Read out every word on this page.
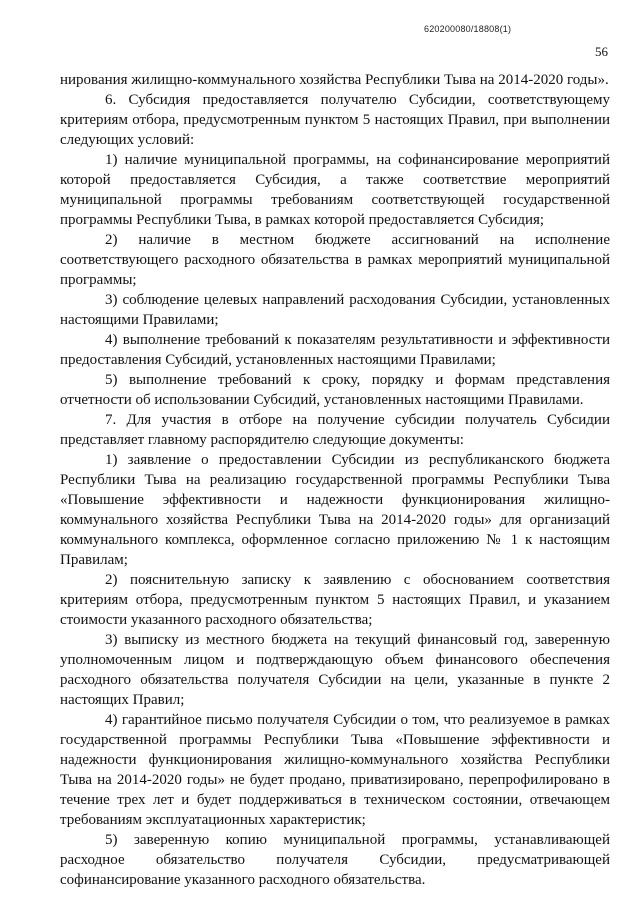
620200080/18808(1)
56

нирования жилищно-коммунального хозяйства Республики Тыва на 2014-2020 годы».

6. Субсидия предоставляется получателю Субсидии, соответствующему критериям отбора, предусмотренным пунктом 5 настоящих Правил, при выполнении следующих условий:

1) наличие муниципальной программы, на софинансирование мероприятий которой предоставляется Субсидия, а также соответствие мероприятий муниципальной программы требованиям соответствующей государственной программы Республики Тыва, в рамках которой предоставляется Субсидия;

2) наличие в местном бюджете ассигнований на исполнение соответствующего расходного обязательства в рамках мероприятий муниципальной программы;

3) соблюдение целевых направлений расходования Субсидии, установленных настоящими Правилами;

4) выполнение требований к показателям результативности и эффективности предоставления Субсидий, установленных настоящими Правилами;

5) выполнение требований к сроку, порядку и формам представления отчетности об использовании Субсидий, установленных настоящими Правилами.

7. Для участия в отборе на получение субсидии получатель Субсидии представляет главному распорядителю следующие документы:

1) заявление о предоставлении Субсидии из республиканского бюджета Республики Тыва на реализацию государственной программы Республики Тыва «Повышение эффективности и надежности функционирования жилищно-коммунального хозяйства Республики Тыва на 2014-2020 годы» для организаций коммунального комплекса, оформленное согласно приложению № 1 к настоящим Правилам;

2) пояснительную записку к заявлению с обоснованием соответствия критериям отбора, предусмотренным пунктом 5 настоящих Правил, и указанием стоимости указанного расходного обязательства;

3) выписку из местного бюджета на текущий финансовый год, заверенную уполномоченным лицом и подтверждающую объем финансового обеспечения расходного обязательства получателя Субсидии на цели, указанные в пункте 2 настоящих Правил;

4) гарантийное письмо получателя Субсидии о том, что реализуемое в рамках государственной программы Республики Тыва «Повышение эффективности и надежности функционирования жилищно-коммунального хозяйства Республики Тыва на 2014-2020 годы» не будет продано, приватизировано, перепрофилировано в течение трех лет и будет поддерживаться в техническом состоянии, отвечающем требованиям эксплуатационных характеристик;

5) заверенную копию муниципальной программы, устанавливающей расходное обязательство получателя Субсидии, предусматривающей софинансирование указанного расходного обязательства.
